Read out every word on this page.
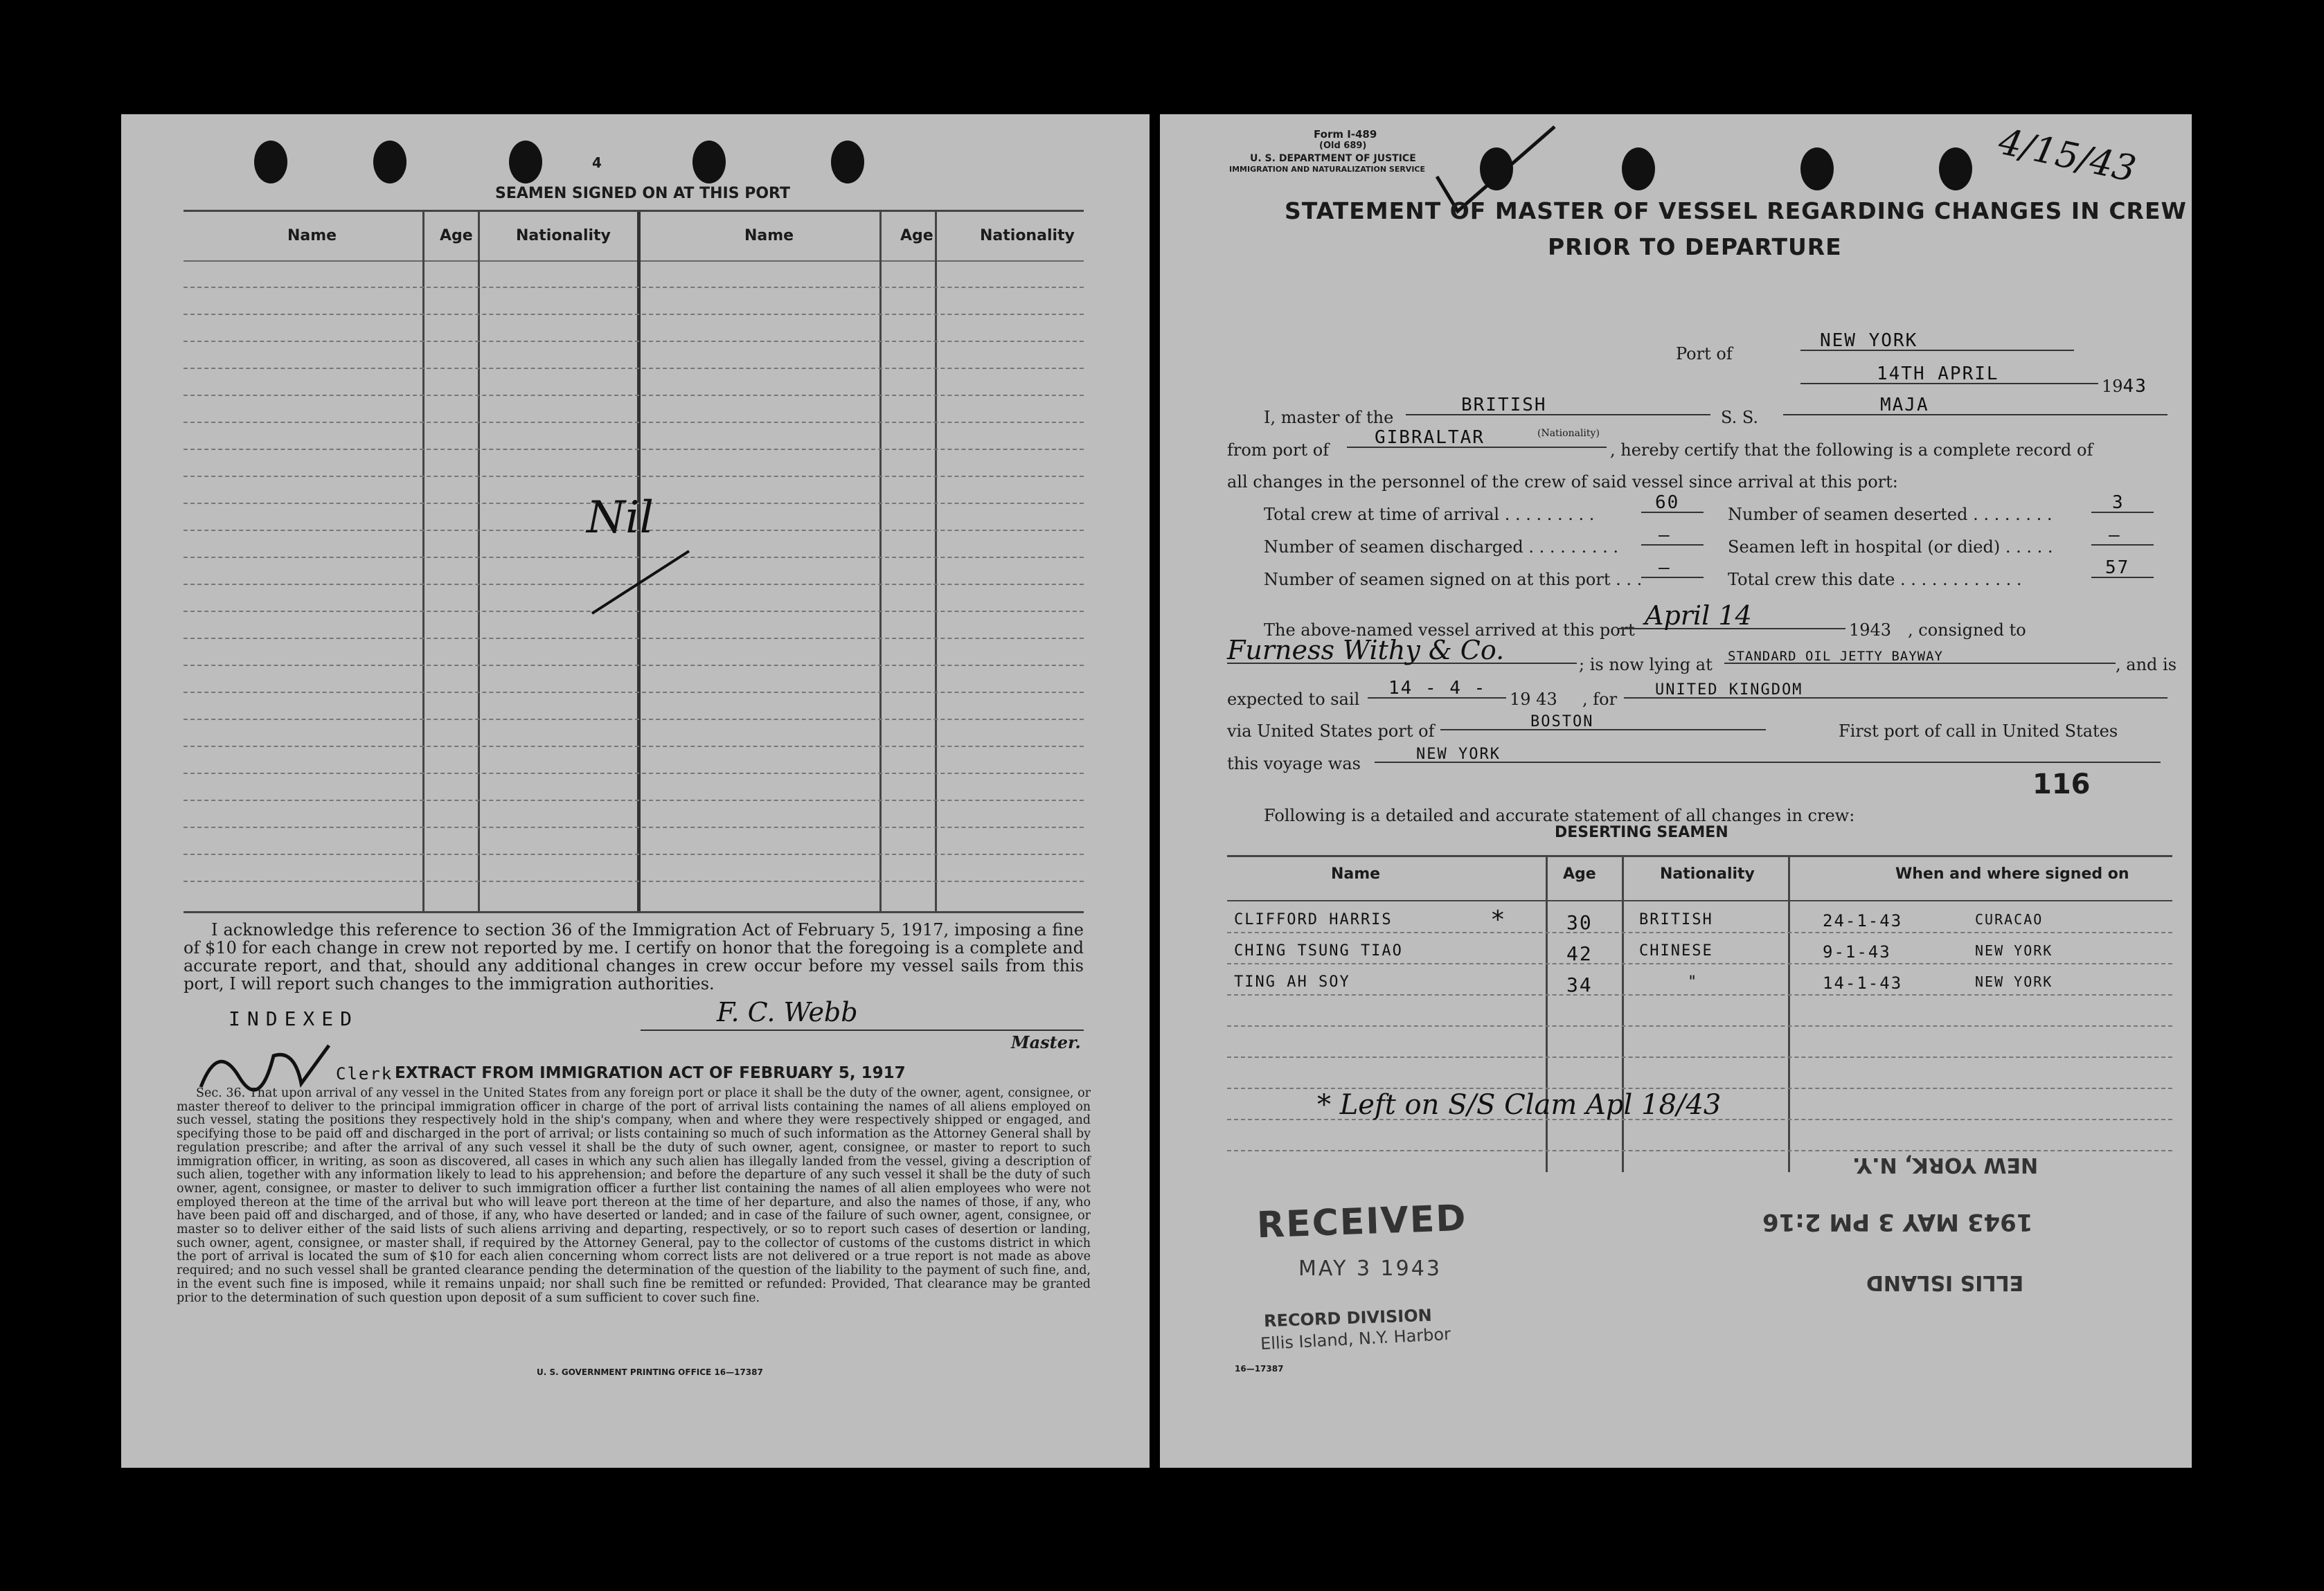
4
SEAMEN SIGNED ON AT THIS PORT
Name	Age	Nationality	Name	Age	Nationality
Nil
I acknowledge this reference to section 36 of the Immigration Act of February 5, 1917, imposing a fine of $10 for each change in crew not reported by me. I certify on honor that the foregoing is a complete and accurate report, and that, should any additional changes in crew occur before my vessel sails from this port, I will report such changes to the immigration authorities.
INDEXED	F. C. Webb
Master.
Clerk EXTRACT FROM IMMIGRATION ACT OF FEBRUARY 5, 1917
Sec. 36. That upon arrival of any vessel in the United States from any foreign port or place it shall be the duty of the owner, agent, consignee, or master thereof to deliver to the principal immigration officer in charge of the port of arrival lists containing the names of all aliens employed on such vessel, stating the positions they respectively hold in the ship's company, when and where they were respectively shipped or engaged, and specifying those to be paid off and discharged in the port of arrival; or lists containing so much of such information as the Attorney General shall by regulation prescribe; and after the arrival of any such vessel it shall be the duty of such owner, agent, consignee, or master to report to such immigration officer, in writing, as soon as discovered, all cases in which any such alien has illegally landed from the vessel, giving a description of such alien, together with any information likely to lead to his apprehension; and before the departure of any such vessel it shall be the duty of such owner, agent, consignee, or master to deliver to such immigration officer a further list containing the names of all alien employees who were not employed thereon at the time of the arrival but who will leave port thereon at the time of her departure, and also the names of those, if any, who have been paid off and discharged, and of those, if any, who have deserted or landed; and in case of the failure of such owner, agent, consignee, or master so to deliver either of the said lists of such aliens arriving and departing, respectively, or so to report such cases of desertion or landing, such owner, agent, consignee, or master shall, if required by the Attorney General, pay to the collector of customs of the customs district in which the port of arrival is located the sum of $10 for each alien concerning whom correct lists are not delivered or a true report is not made as above required; and no such vessel shall be granted clearance pending the determination of the question of the liability to the payment of such fine, and, in the event such fine is imposed, while it remains unpaid; nor shall such fine be remitted or refunded: Provided, That clearance may be granted prior to the determination of such question upon deposit of a sum sufficient to cover such fine.
U. S. GOVERNMENT PRINTING OFFICE 16—17387
Form I-489
(Old 689)
U. S. DEPARTMENT OF JUSTICE
IMMIGRATION AND NATURALIZATION SERVICE	4/15/43
STATEMENT OF MASTER OF VESSEL REGARDING CHANGES IN CREW
PRIOR TO DEPARTURE
Port of
NEW YORK
14TH APRIL
1943
I, master of the
BRITISH
(Nationality)
S. S.
MAJA
from port of
GIBRALTAR
, hereby certify that the following is a complete record of
all changes in the personnel of the crew of said vessel since arrival at this port:
Total crew at time of arrival . . . . . . . . .
60
Number of seamen deserted . . . . . . . .
3
Number of seamen discharged . . . . . . . . .
—
Seamen left in hospital (or died) . . . . .
—
Number of seamen signed on at this port . . .
—
Total crew this date . . . . . . . . . . . .
57
The above-named vessel arrived at this port April 14	1943 , consigned to
Furness Withy & Co.	; is now lying at STANDARD OIL JETTY BAYWAY	, and is
expected to sail
14 - 4 -
19 43 , for UNITED KINGDOM
via United States port of	BOSTON	First port of call in United States
this voyage was	NEW YORK
116
Following is a detailed and accurate statement of all changes in crew:
DESERTING SEAMEN
Name	Age	Nationality	When and where signed on
CLIFFORD HARRIS	*	30	BRITISH	24-1-43	CURACAO
CHING TSUNG TIAO	42	CHINESE	9-1-43	NEW YORK
TING AH SOY	34	"	14-1-43	NEW YORK
* Left on S/S Clam Apl 18/43
NEW YORK, N.Y.
1943 MAY 3 PM 2:16
ELLIS ISLAND
RECEIVED
MAY 3 1943
RECORD DIVISION
Ellis Island, N.Y. Harbor
16—17387
